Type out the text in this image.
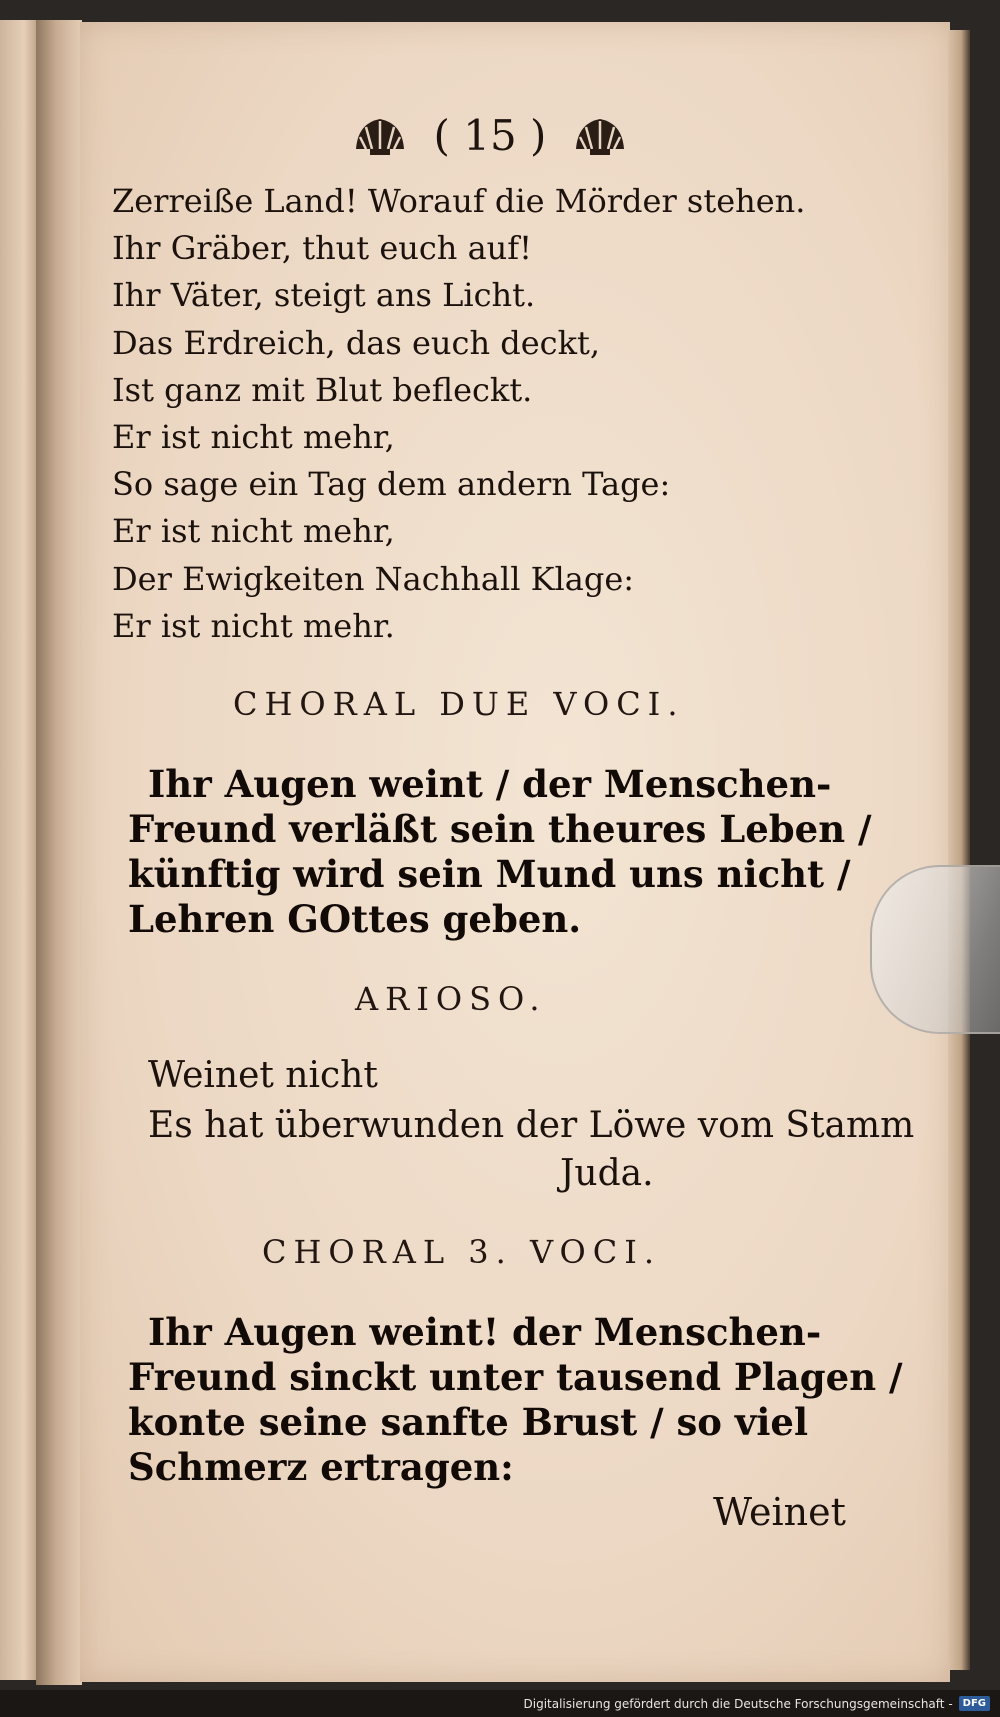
( 15 )
Zerreiße Land! Worauf die Mörder stehen.
Ihr Gräber, thut euch auf!
Ihr Väter, steigt ans Licht.
Das Erdreich, das euch deckt,
Ist ganz mit Blut befleckt.
Er ist nicht mehr,
So sage ein Tag dem andern Tage:
Er ist nicht mehr,
Der Ewigkeiten Nachhall Klage:
Er ist nicht mehr.
CHORAL DUE VOCI.
Ihr Augen weint / der Menschen-
Freund verläßt sein theures Leben /
künftig wird sein Mund uns nicht /
Lehren GOttes geben.
ARIOSO.
Weinet nicht
Es hat überwunden der Löwe vom Stamm
Juda.
CHORAL 3. VOCI.
Ihr Augen weint! der Menschen-
Freund sinckt unter tausend Plagen /
konte seine sanfte Brust / so viel
Schmerz ertragen:
Weinet
Digitalisierung gefördert durch die Deutsche Forschungsgemeinschaft -	DFG
